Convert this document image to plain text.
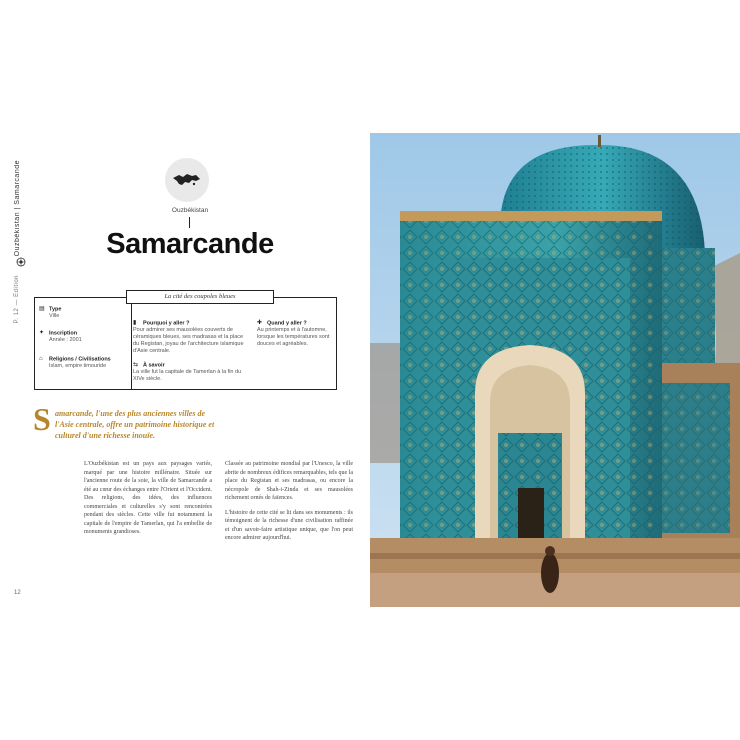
Ouzbékistan | Samarcande
P. 12 — Édition
12
Ouzbékistan
Samarcande
▤ Type
Ville
✦ Inscription
Année : 2001
⌂ Religions / Civilisations
Islam, empire timouride
▮ Pourquoi y aller ?
Pour admirer ses mausolées couverts de céramiques bleues, ses madrasas et la place du Registan, joyau de l'architecture islamique d'Asie centrale.
⇆ À savoir
La ville fut la capitale de Tamerlan à la fin du XIVe siècle.
✚ Quand y aller ?
Au printemps et à l'automne, lorsque les températures sont douces et agréables.
La cité des coupoles bleues
S amarcande, l'une des plus anciennes villes de l'Asie centrale, offre un patrimoine historique et culturel d'une richesse inouïe.

L'Ouzbékistan est un pays aux paysages variés, marqué par une histoire millénaire. Située sur l'ancienne route de la soie, la ville de Samarcande a été au cœur des échanges entre l'Orient et l'Occident. Des religions, des idées, des influences commerciales et culturelles s'y sont rencontrées pendant des siècles. Cette ville fut notamment la capitale de l'empire de Tamerlan, qui l'a embellie de monuments grandioses.

Classée au patrimoine mondial par l'Unesco, la ville abrite de nombreux édifices remarquables, tels que la place du Registan et ses madrasas, ou encore la nécropole de Shah-i-Zinda et ses mausolées richement ornés de faïences.

L'histoire de cette cité se lit dans ses monuments : ils témoignent de la richesse d'une civilisation raffinée et d'un savoir-faire artistique unique, que l'on peut encore admirer aujourd'hui.
